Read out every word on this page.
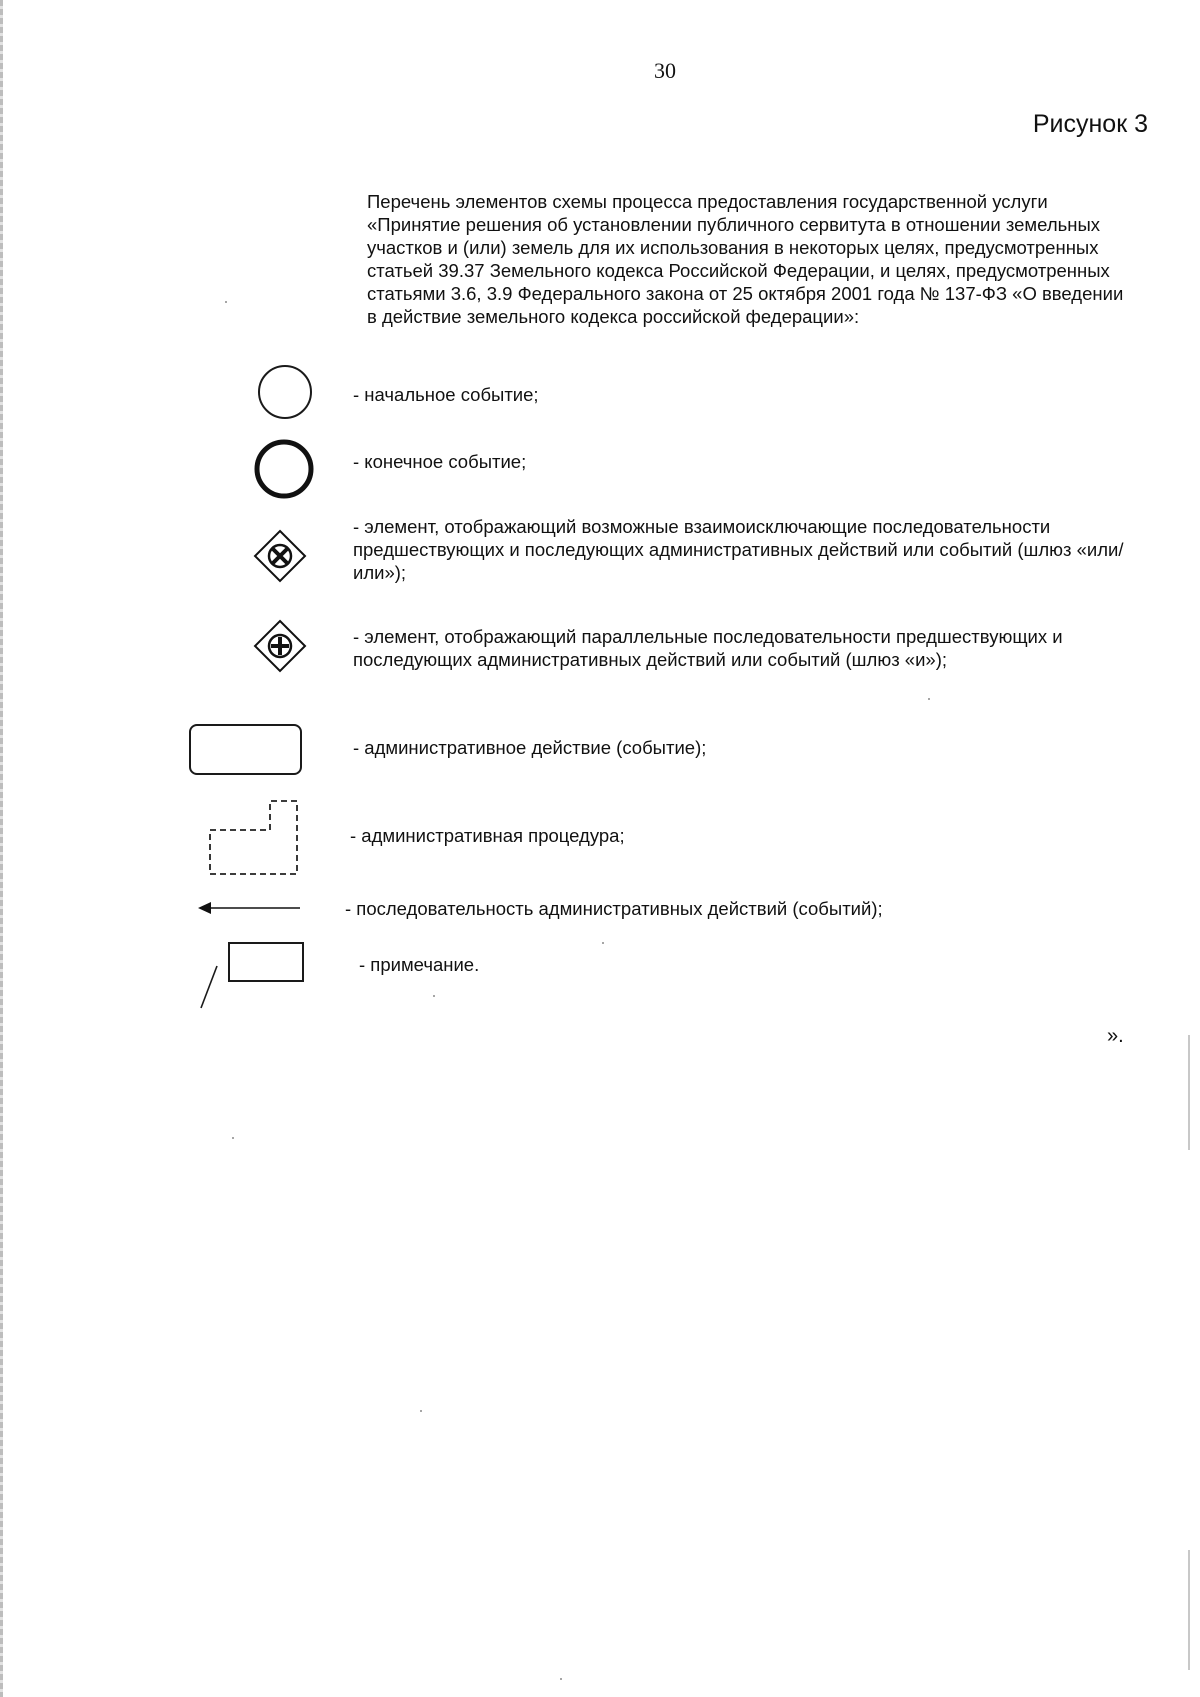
30
Рисунок 3
Перечень элементов схемы процесса предоставления государственной услуги «Принятие решения об установлении публичного сервитута в отношении земельных участков и (или) земель для их использования в некоторых целях, предусмотренных статьей 39.37 Земельного кодекса Российской Федерации, и целях, предусмотренных статьями 3.6, 3.9 Федерального закона от 25 октября 2001 года № 137-ФЗ «О введении в действие земельного кодекса российской федерации»:
- начальное событие;
- конечное событие;
- элемент, отображающий возможные взаимоисключающие последовательности предшествующих и последующих административных действий или событий (шлюз «или/или»);
- элемент, отображающий параллельные последовательности предшествующих и последующих административных действий или событий (шлюз «и»);
- административное действие (событие);
- административная процедура;
- последовательность административных действий (событий);
- примечание.
».
